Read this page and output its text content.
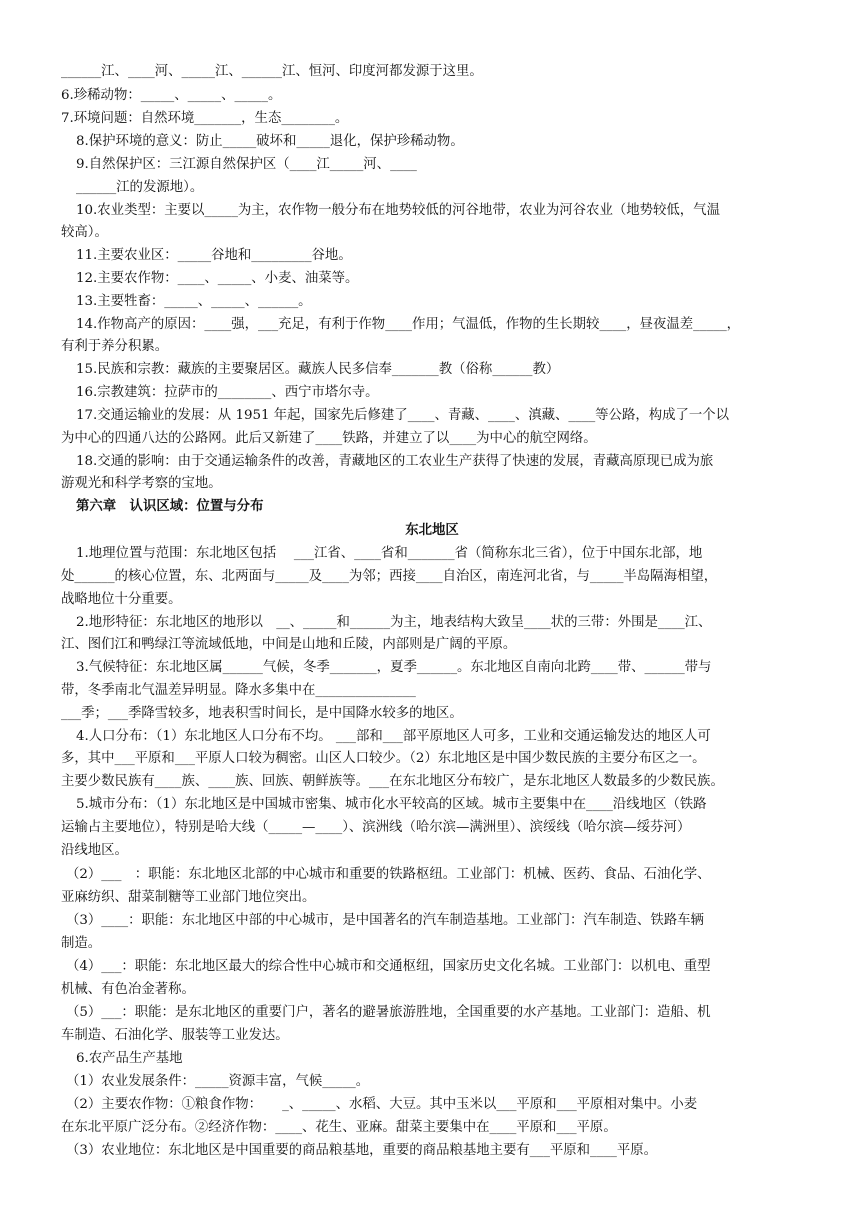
______江、____河、_____江、______江、恒河、印度河都发源于这里。
6.珍稀动物：_____、_____、_____。
7.环境问题：自然环境_______，生态________。
8.保护环境的意义：防止_____破坏和_____退化，保护珍稀动物。
9.自然保护区：三江源自然保护区（____江_____河、____
______江的发源地）。
10.农业类型：主要以_____为主，农作物一般分布在地势较低的河谷地带，农业为河谷农业（地势较低，气温
较高）。
11.主要农业区：_____谷地和_________谷地。
12.主要农作物：____、_____、小麦、油菜等。
13.主要牲畜：_____、_____、______。
14.作物高产的原因：____强，___充足，有利于作物____作用；气温低，作物的生长期较____，昼夜温差_____，
有利于养分积累。
15.民族和宗教：藏族的主要聚居区。藏族人民多信奉_______教（俗称______教）
16.宗教建筑：拉萨市的________、西宁市塔尔寺。
17.交通运输业的发展：从 1951 年起，国家先后修建了____、青藏、____、滇藏、____等公路，构成了一个以
为中心的四通八达的公路网。此后又新建了____铁路，并建立了以____为中心的航空网络。
18.交通的影响：由于交通运输条件的改善，青藏地区的工农业生产获得了快速的发展，青藏高原现已成为旅
游观光和科学考察的宝地。
第六章　认识区域：位置与分布
东北地区
1.地理位置与范围：东北地区包括　 ___江省、____省和_______省（简称东北三省），位于中国东北部，地
处______的核心位置，东、北两面与_____及____为邻；西接____自治区，南连河北省，与_____半岛隔海相望，
战略地位十分重要。
2.地形特征：东北地区的地形以　__、_____和______为主，地表结构大致呈____状的三带：外围是____江、
江、图们江和鸭绿江等流域低地，中间是山地和丘陵，内部则是广阔的平原。
3.气候特征：东北地区属______气候，冬季_______，夏季______。东北地区自南向北跨____带、______带与
带，冬季南北气温差异明显。降水多集中在_______________
___季；___季降雪较多，地表积雪时间长，是中国降水较多的地区。
4.人口分布：（1）东北地区人口分布不均。 ___部和___部平原地区人可多，工业和交通运输发达的地区人可
多，其中___平原和___平原人口较为稠密。山区人口较少。（2）东北地区是中国少数民族的主要分布区之一。
主要少数民族有____族、____族、回族、朝鲜族等。___在东北地区分布较广，是东北地区人数最多的少数民族。
5.城市分布：（1）东北地区是中国城市密集、城市化水平较高的区域。城市主要集中在____沿线地区（铁路
运输占主要地位），特别是哈大线（_____—____）、滨洲线（哈尔滨—满洲里）、滨绥线（哈尔滨—绥芬河）
沿线地区。
（2）___　：职能：东北地区北部的中心城市和重要的铁路枢纽。工业部门：机械、医药、食品、石油化学、
亚麻纺织、甜菜制糖等工业部门地位突出。
（3）____：职能：东北地区中部的中心城市，是中国著名的汽车制造基地。工业部门：汽车制造、铁路车辆
制造。
（4）___：职能：东北地区最大的综合性中心城市和交通枢纽，国家历史文化名城。工业部门：以机电、重型
机械、有色冶金著称。
（5）___：职能：是东北地区的重要门户，著名的避暑旅游胜地，全国重要的水产基地。工业部门：造船、机
车制造、石油化学、服装等工业发达。
6.农产品生产基地
（1）农业发展条件：_____资源丰富，气候_____。
（2）主要农作物：①粮食作物：　　_、_____、水稻、大豆。其中玉米以___平原和___平原相对集中。小麦
在东北平原广泛分布。②经济作物：____、花生、亚麻。甜菜主要集中在____平原和___平原。
（3）农业地位：东北地区是中国重要的商品粮基地，重要的商品粮基地主要有___平原和____平原。
